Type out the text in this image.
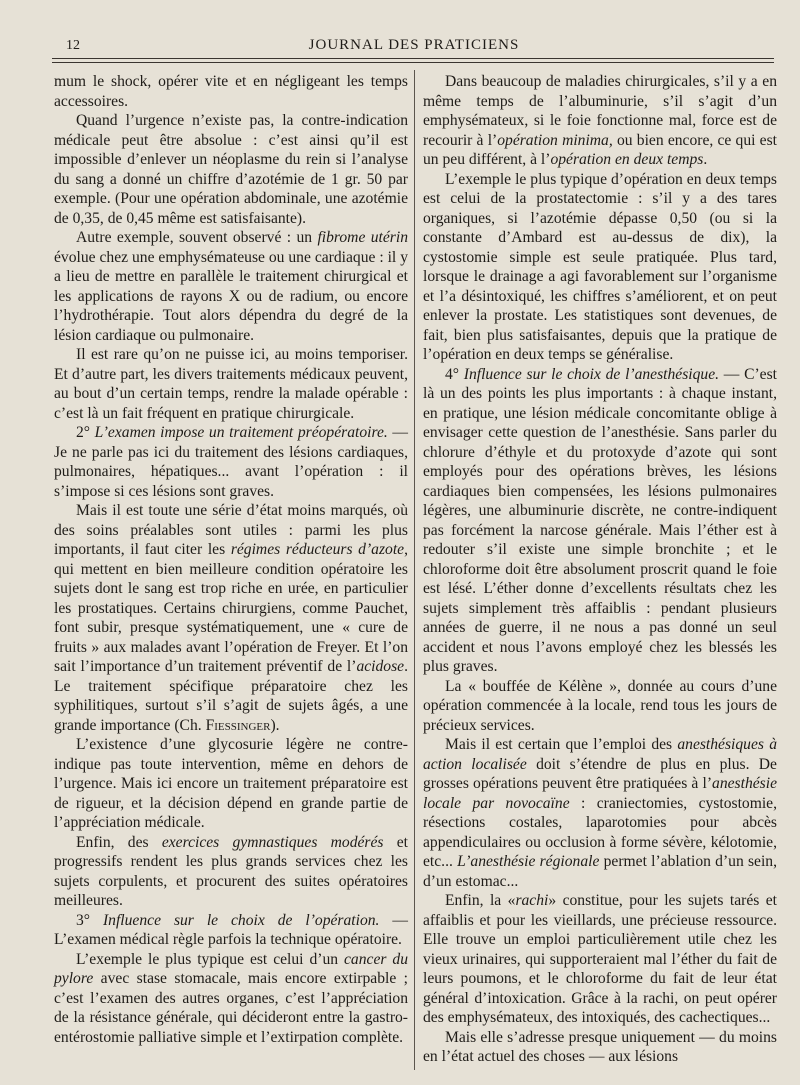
12	JOURNAL DES PRATICIENS

mum le shock, opérer vite et en négligeant les temps accessoires.

Quand l’urgence n’existe pas, la contre-indication médicale peut être absolue : c’est ainsi qu’il est impossible d’enlever un néoplasme du rein si l’analyse du sang a donné un chiffre d’azotémie de 1 gr. 50 par exemple. (Pour une opération abdominale, une azotémie de 0,35, de 0,45 même est satisfaisante).

Autre exemple, souvent observé : un fibrome utérin évolue chez une emphysémateuse ou une cardiaque : il y a lieu de mettre en parallèle le traitement chirurgical et les applications de rayons X ou de radium, ou encore l’hydrothérapie. Tout alors dépendra du degré de la lésion cardiaque ou pulmonaire.

Il est rare qu’on ne puisse ici, au moins temporiser. Et d’autre part, les divers traitements médicaux peuvent, au bout d’un certain temps, rendre la malade opérable : c’est là un fait fréquent en pratique chirurgicale.

2° L’examen impose un traitement préopératoire. — Je ne parle pas ici du traitement des lésions cardiaques, pulmonaires, hépatiques... avant l’opération : il s’impose si ces lésions sont graves.

Mais il est toute une série d’état moins marqués, où des soins préalables sont utiles : parmi les plus importants, il faut citer les régimes réducteurs d’azote, qui mettent en bien meilleure condition opératoire les sujets dont le sang est trop riche en urée, en particulier les prostatiques. Certains chirurgiens, comme Pauchet, font subir, presque systématiquement, une « cure de fruits » aux malades avant l’opération de Freyer. Et l’on sait l’importance d’un traitement préventif de l’acidose. Le traitement spécifique préparatoire chez les syphilitiques, surtout s’il s’agit de sujets âgés, a une grande importance (Ch. Fiessinger).

L’existence d’une glycosurie légère ne contre-indique pas toute intervention, même en dehors de l’urgence. Mais ici encore un traitement préparatoire est de rigueur, et la décision dépend en grande partie de l’appréciation médicale.

Enfin, des exercices gymnastiques modérés et progressifs rendent les plus grands services chez les sujets corpulents, et procurent des suites opératoires meilleures.

3° Influence sur le choix de l’opération. — L’examen médical règle parfois la technique opératoire.

L’exemple le plus typique est celui d’un cancer du pylore avec stase stomacale, mais encore extirpable ; c’est l’examen des autres organes, c’est l’appréciation de la résistance générale, qui décideront entre la gastro-entérostomie palliative simple et l’extirpation complète.

Dans beaucoup de maladies chirurgicales, s’il y a en même temps de l’albuminurie, s’il s’agit d’un emphysémateux, si le foie fonctionne mal, force est de recourir à l’opération minima, ou bien encore, ce qui est un peu différent, à l’opération en deux temps.

L’exemple le plus typique d’opération en deux temps est celui de la prostatectomie : s’il y a des tares organiques, si l’azotémie dépasse 0,50 (ou si la constante d’Ambard est au-dessus de dix), la cystostomie simple est seule pratiquée. Plus tard, lorsque le drainage a agi favorablement sur l’organisme et l’a désintoxiqué, les chiffres s’améliorent, et on peut enlever la prostate. Les statistiques sont devenues, de fait, bien plus satisfaisantes, depuis que la pratique de l’opération en deux temps se généralise.

4° Influence sur le choix de l’anesthésique. — C’est là un des points les plus importants : à chaque instant, en pratique, une lésion médicale concomitante oblige à envisager cette question de l’anesthésie. Sans parler du chlorure d’éthyle et du protoxyde d’azote qui sont employés pour des opérations brèves, les lésions cardiaques bien compensées, les lésions pulmonaires légères, une albuminurie discrète, ne contre-indiquent pas forcément la narcose générale. Mais l’éther est à redouter s’il existe une simple bronchite ; et le chloroforme doit être absolument proscrit quand le foie est lésé. L’éther donne d’excellents résultats chez les sujets simplement très affaiblis : pendant plusieurs années de guerre, il ne nous a pas donné un seul accident et nous l’avons employé chez les blessés les plus graves.

La « bouffée de Kélène », donnée au cours d’une opération commencée à la locale, rend tous les jours de précieux services.

Mais il est certain que l’emploi des anesthésiques à action localisée doit s’étendre de plus en plus. De grosses opérations peuvent être pratiquées à l’anesthésie locale par novocaïne : craniectomies, cystostomie, résections costales, laparotomies pour abcès appendiculaires ou occlusion à forme sévère, kélotomie, etc... L’anesthésie régionale permet l’ablation d’un sein, d’un estomac...

Enfin, la «rachi» constitue, pour les sujets tarés et affaiblis et pour les vieillards, une précieuse ressource. Elle trouve un emploi particulièrement utile chez les vieux urinaires, qui supporteraient mal l’éther du fait de leurs poumons, et le chloroforme du fait de leur état général d’intoxication. Grâce à la rachi, on peut opérer des emphysémateux, des intoxiqués, des cachectiques...

Mais elle s’adresse presque uniquement — du moins en l’état actuel des choses — aux lésions
